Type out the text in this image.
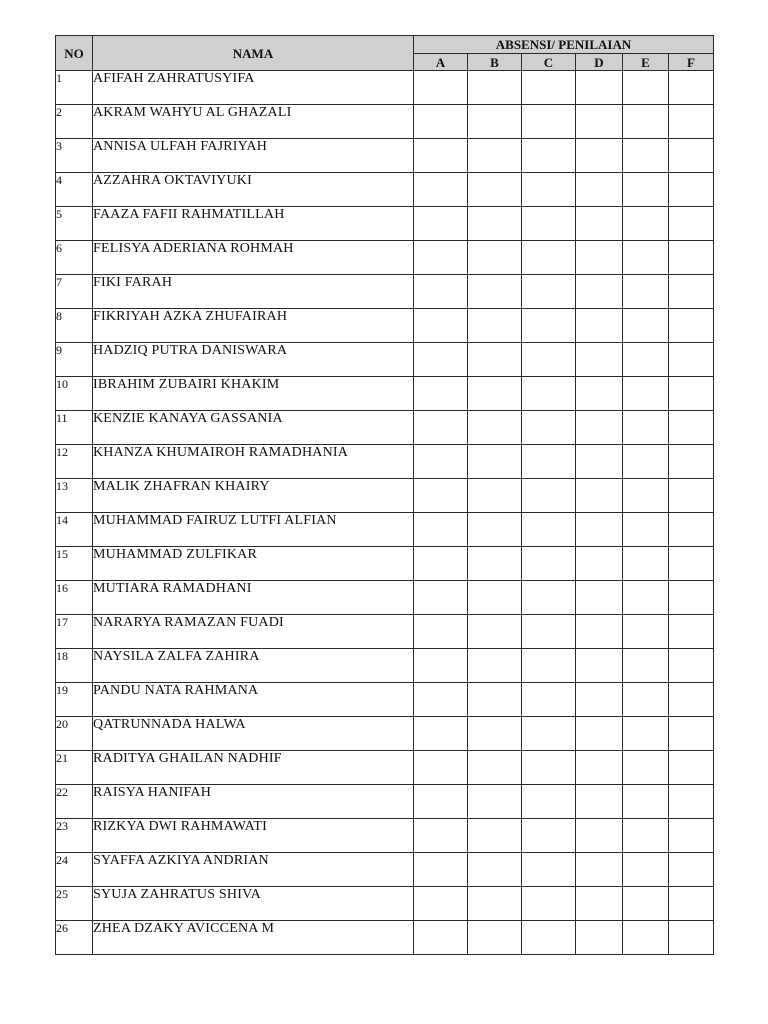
NO	NAMA	ABSENSI/ PENILAIAN					
		A	B	C	D	E	F
1	AFIFAH ZAHRATUSYIFA						
2	AKRAM WAHYU AL GHAZALI						
3	ANNISA ULFAH FAJRIYAH						
4	AZZAHRA OKTAVIYUKI						
5	FAAZA FAFII RAHMATILLAH						
6	FELISYA ADERIANA ROHMAH						
7	FIKI FARAH						
8	FIKRIYAH AZKA ZHUFAIRAH						
9	HADZIQ PUTRA DANISWARA						
10	IBRAHIM ZUBAIRI KHAKIM						
11	KENZIE KANAYA GASSANIA						
12	KHANZA KHUMAIROH RAMADHANIA						
13	MALIK ZHAFRAN KHAIRY						
14	MUHAMMAD FAIRUZ LUTFI ALFIAN						
15	MUHAMMAD ZULFIKAR						
16	MUTIARA RAMADHANI						
17	NARARYA RAMAZAN FUADI						
18	NAYSILA ZALFA ZAHIRA						
19	PANDU NATA RAHMANA						
20	QATRUNNADA HALWA						
21	RADITYA GHAILAN NADHIF						
22	RAISYA HANIFAH						
23	RIZKYA DWI RAHMAWATI						
24	SYAFFA AZKIYA ANDRIAN						
25	SYUJA ZAHRATUS SHIVA						
26	ZHEA DZAKY AVICCENA M						
